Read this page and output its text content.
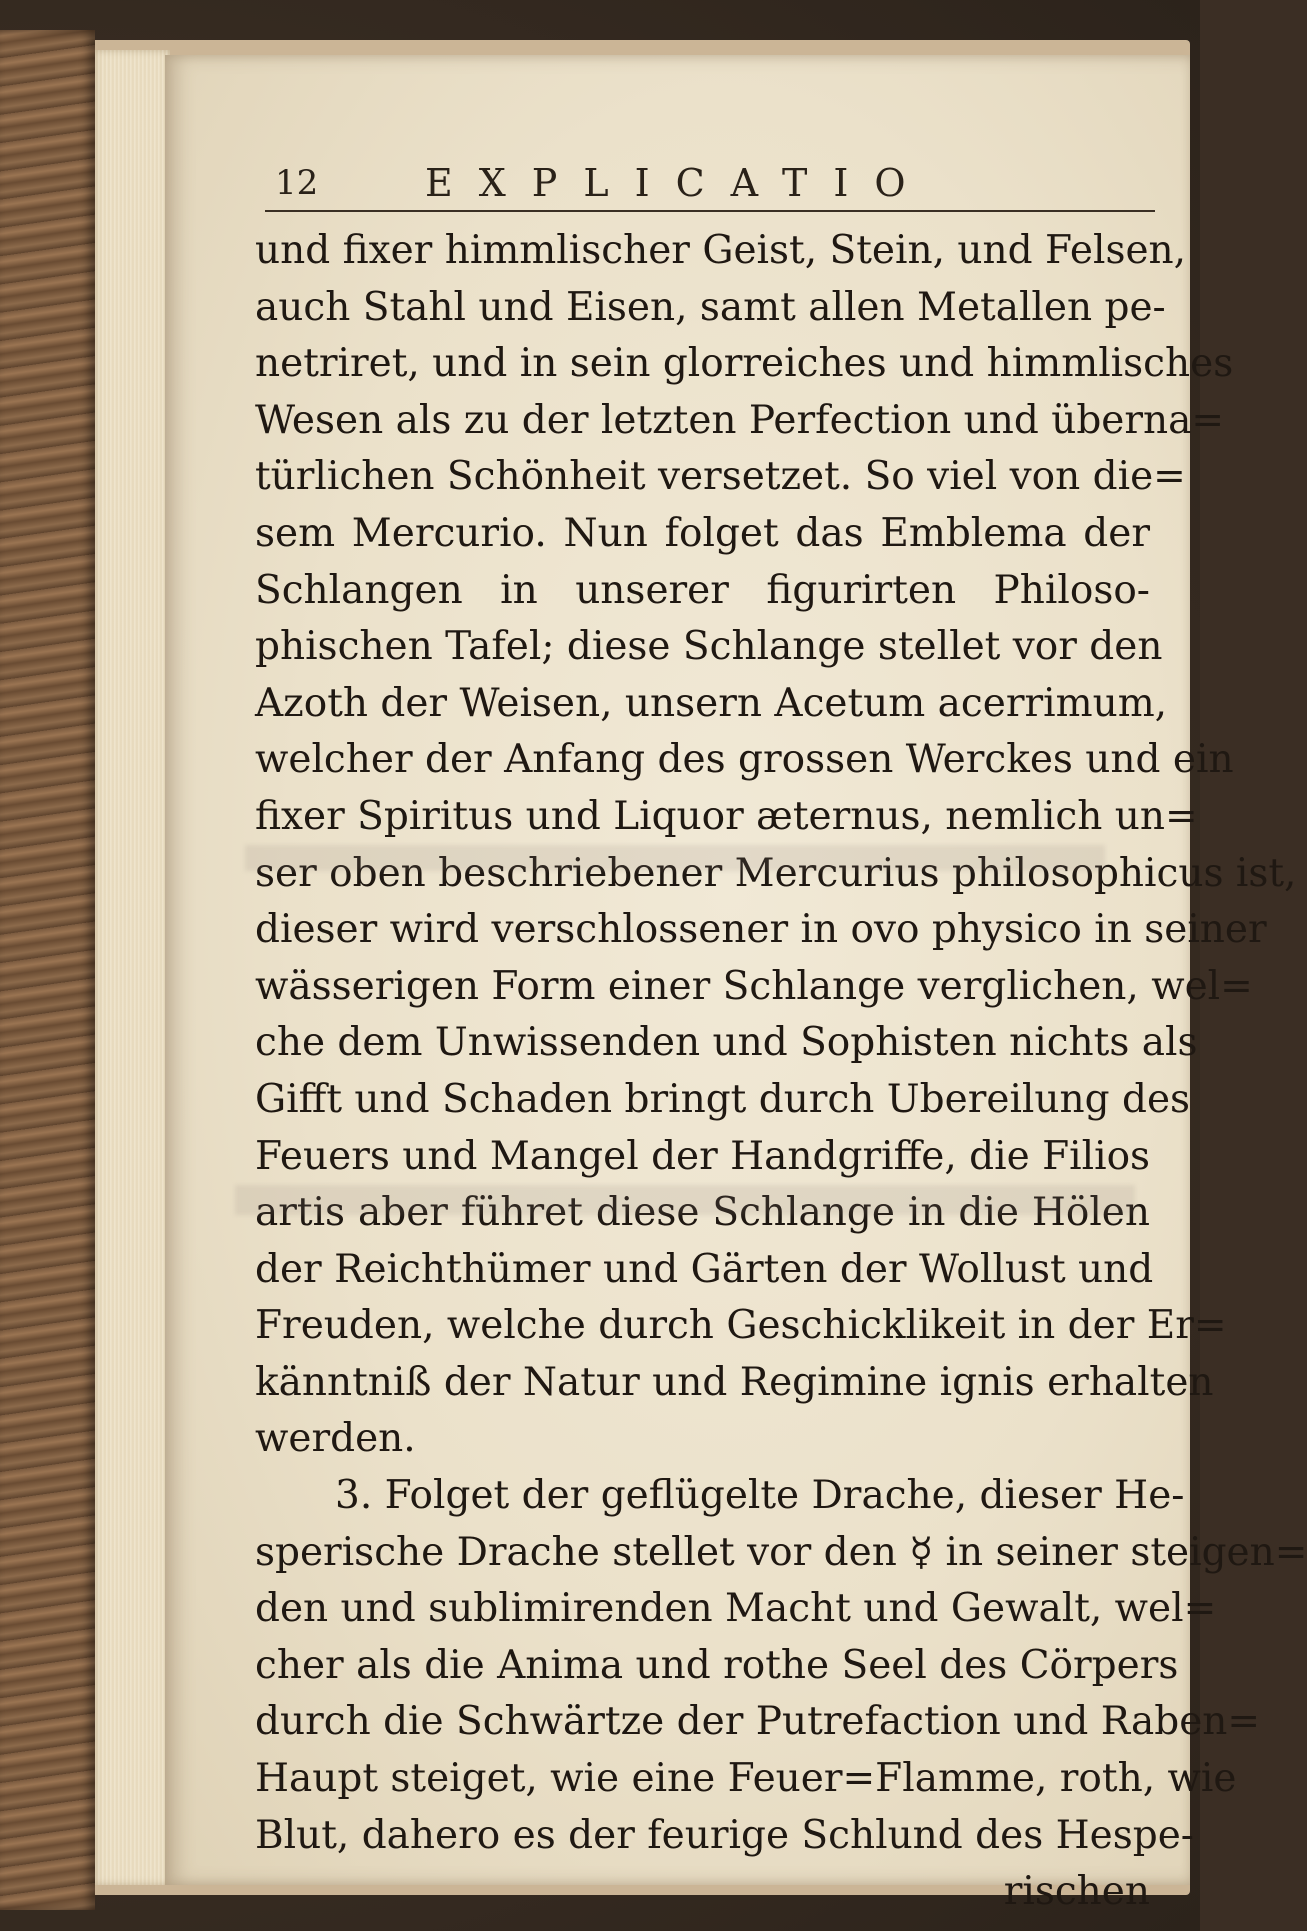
12	EXPLICATIO
und fixer himmlischer Geist, Stein, und Felsen,
auch Stahl und Eisen, samt allen Metallen pe-
netriret, und in sein glorreiches und himmlisches
Wesen als zu der letzten Perfection und überna=
türlichen Schönheit versetzet. So viel von die=
sem Mercurio. Nun folget das Emblema der
Schlangen in unserer figurirten Philoso-
phischen Tafel; diese Schlange stellet vor den
Azoth der Weisen, unsern Acetum acerrimum,
welcher der Anfang des grossen Werckes und ein
fixer Spiritus und Liquor æternus, nemlich un=
ser oben beschriebener Mercurius philosophicus ist,
dieser wird verschlossener in ovo physico in seiner
wässerigen Form einer Schlange verglichen, wel=
che dem Unwissenden und Sophisten nichts als
Gifft und Schaden bringt durch Ubereilung des
Feuers und Mangel der Handgriffe, die Filios
artis aber führet diese Schlange in die Hölen
der Reichthümer und Gärten der Wollust und
Freuden, welche durch Geschicklikeit in der Er=
känntniß der Natur und Regimine ignis erhalten
werden.
3. Folget der geflügelte Drache, dieser He-
sperische Drache stellet vor den ☿ in seiner steigen=
den und sublimirenden Macht und Gewalt, wel=
cher als die Anima und rothe Seel des Cörpers
durch die Schwärtze der Putrefaction und Raben=
Haupt steiget, wie eine Feuer=Flamme, roth, wie
Blut, dahero es der feurige Schlund des Hespe-
rischen
